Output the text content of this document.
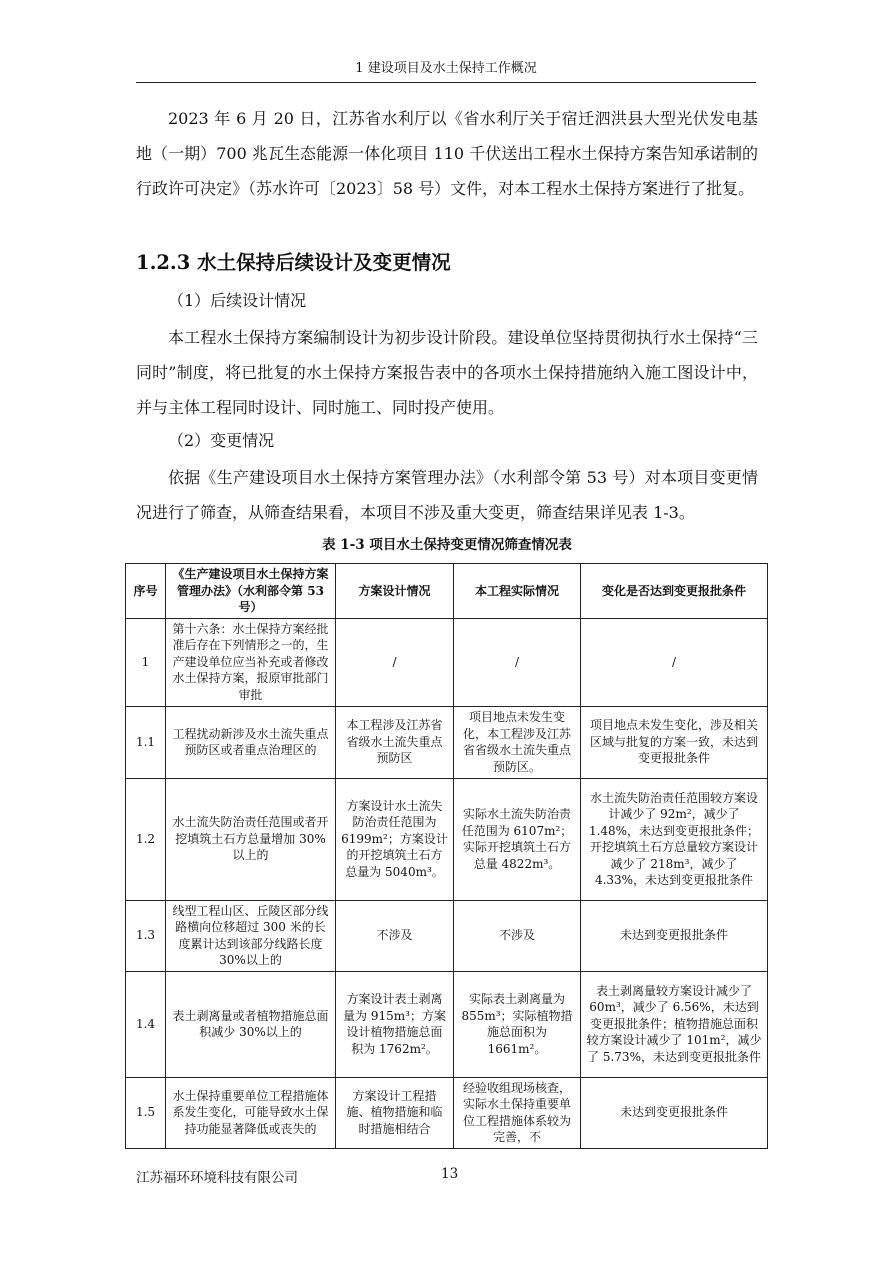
1 建设项目及水土保持工作概况

2023 年 6 月 20 日，江苏省水利厅以《省水利厅关于宿迁泗洪县大型光伏发电基地（一期）700 兆瓦生态能源一体化项目 110 千伏送出工程水土保持方案告知承诺制的行政许可决定》（苏水许可〔2023〕58 号）文件，对本工程水土保持方案进行了批复。

1.2.3 水土保持后续设计及变更情况

（1）后续设计情况

本工程水土保持方案编制设计为初步设计阶段。建设单位坚持贯彻执行水土保持“三同时”制度，将已批复的水土保持方案报告表中的各项水土保持措施纳入施工图设计中，并与主体工程同时设计、同时施工、同时投产使用。

（2）变更情况

依据《生产建设项目水土保持方案管理办法》（水利部令第 53 号）对本项目变更情况进行了筛查，从筛查结果看，本项目不涉及重大变更，筛查结果详见表 1-3。

表 1-3 项目水土保持变更情况筛查情况表
序号	《生产建设项目水土保持方案管理办法》（水利部令第 53 号）	方案设计情况	本工程实际情况	变化是否达到变更报批条件
1	第十六条：水土保持方案经批准后存在下列情形之一的，生产建设单位应当补充或者修改水土保持方案，报原审批部门审批	/	/	/
1.1	工程扰动新涉及水土流失重点预防区或者重点治理区的	本工程涉及江苏省省级水土流失重点预防区	项目地点未发生变化，本工程涉及江苏省省级水土流失重点预防区。	项目地点未发生变化，涉及相关区域与批复的方案一致，未达到变更报批条件
1.2	水土流失防治责任范围或者开挖填筑土石方总量增加 30%以上的	方案设计水土流失防治责任范围为 6199m²；方案设计的开挖填筑土石方总量为 5040m³。	实际水土流失防治责任范围为 6107m²；实际开挖填筑土石方总量 4822m³。	水土流失防治责任范围较方案设计减少了 92m²，减少了 1.48%，未达到变更报批条件；开挖填筑土石方总量较方案设计减少了 218m³，减少了 4.33%，未达到变更报批条件
1.3	线型工程山区、丘陵区部分线路横向位移超过 300 米的长度累计达到该部分线路长度 30%以上的	不涉及	不涉及	未达到变更报批条件
1.4	表土剥离量或者植物措施总面积减少 30%以上的	方案设计表土剥离量为 915m³；方案设计植物措施总面积为 1762m²。	实际表土剥离量为 855m³；实际植物措施总面积为 1661m²。	表土剥离量较方案设计减少了 60m³，减少了 6.56%，未达到变更报批条件；植物措施总面积较方案设计减少了 101m²，减少了 5.73%，未达到变更报批条件
1.5	水土保持重要单位工程措施体系发生变化，可能导致水土保持功能显著降低或丧失的	方案设计工程措施、植物措施和临时措施相结合	经验收组现场核查，实际水土保持重要单位工程措施体系较为完善，不	未达到变更报批条件
江苏福环环境科技有限公司	13
